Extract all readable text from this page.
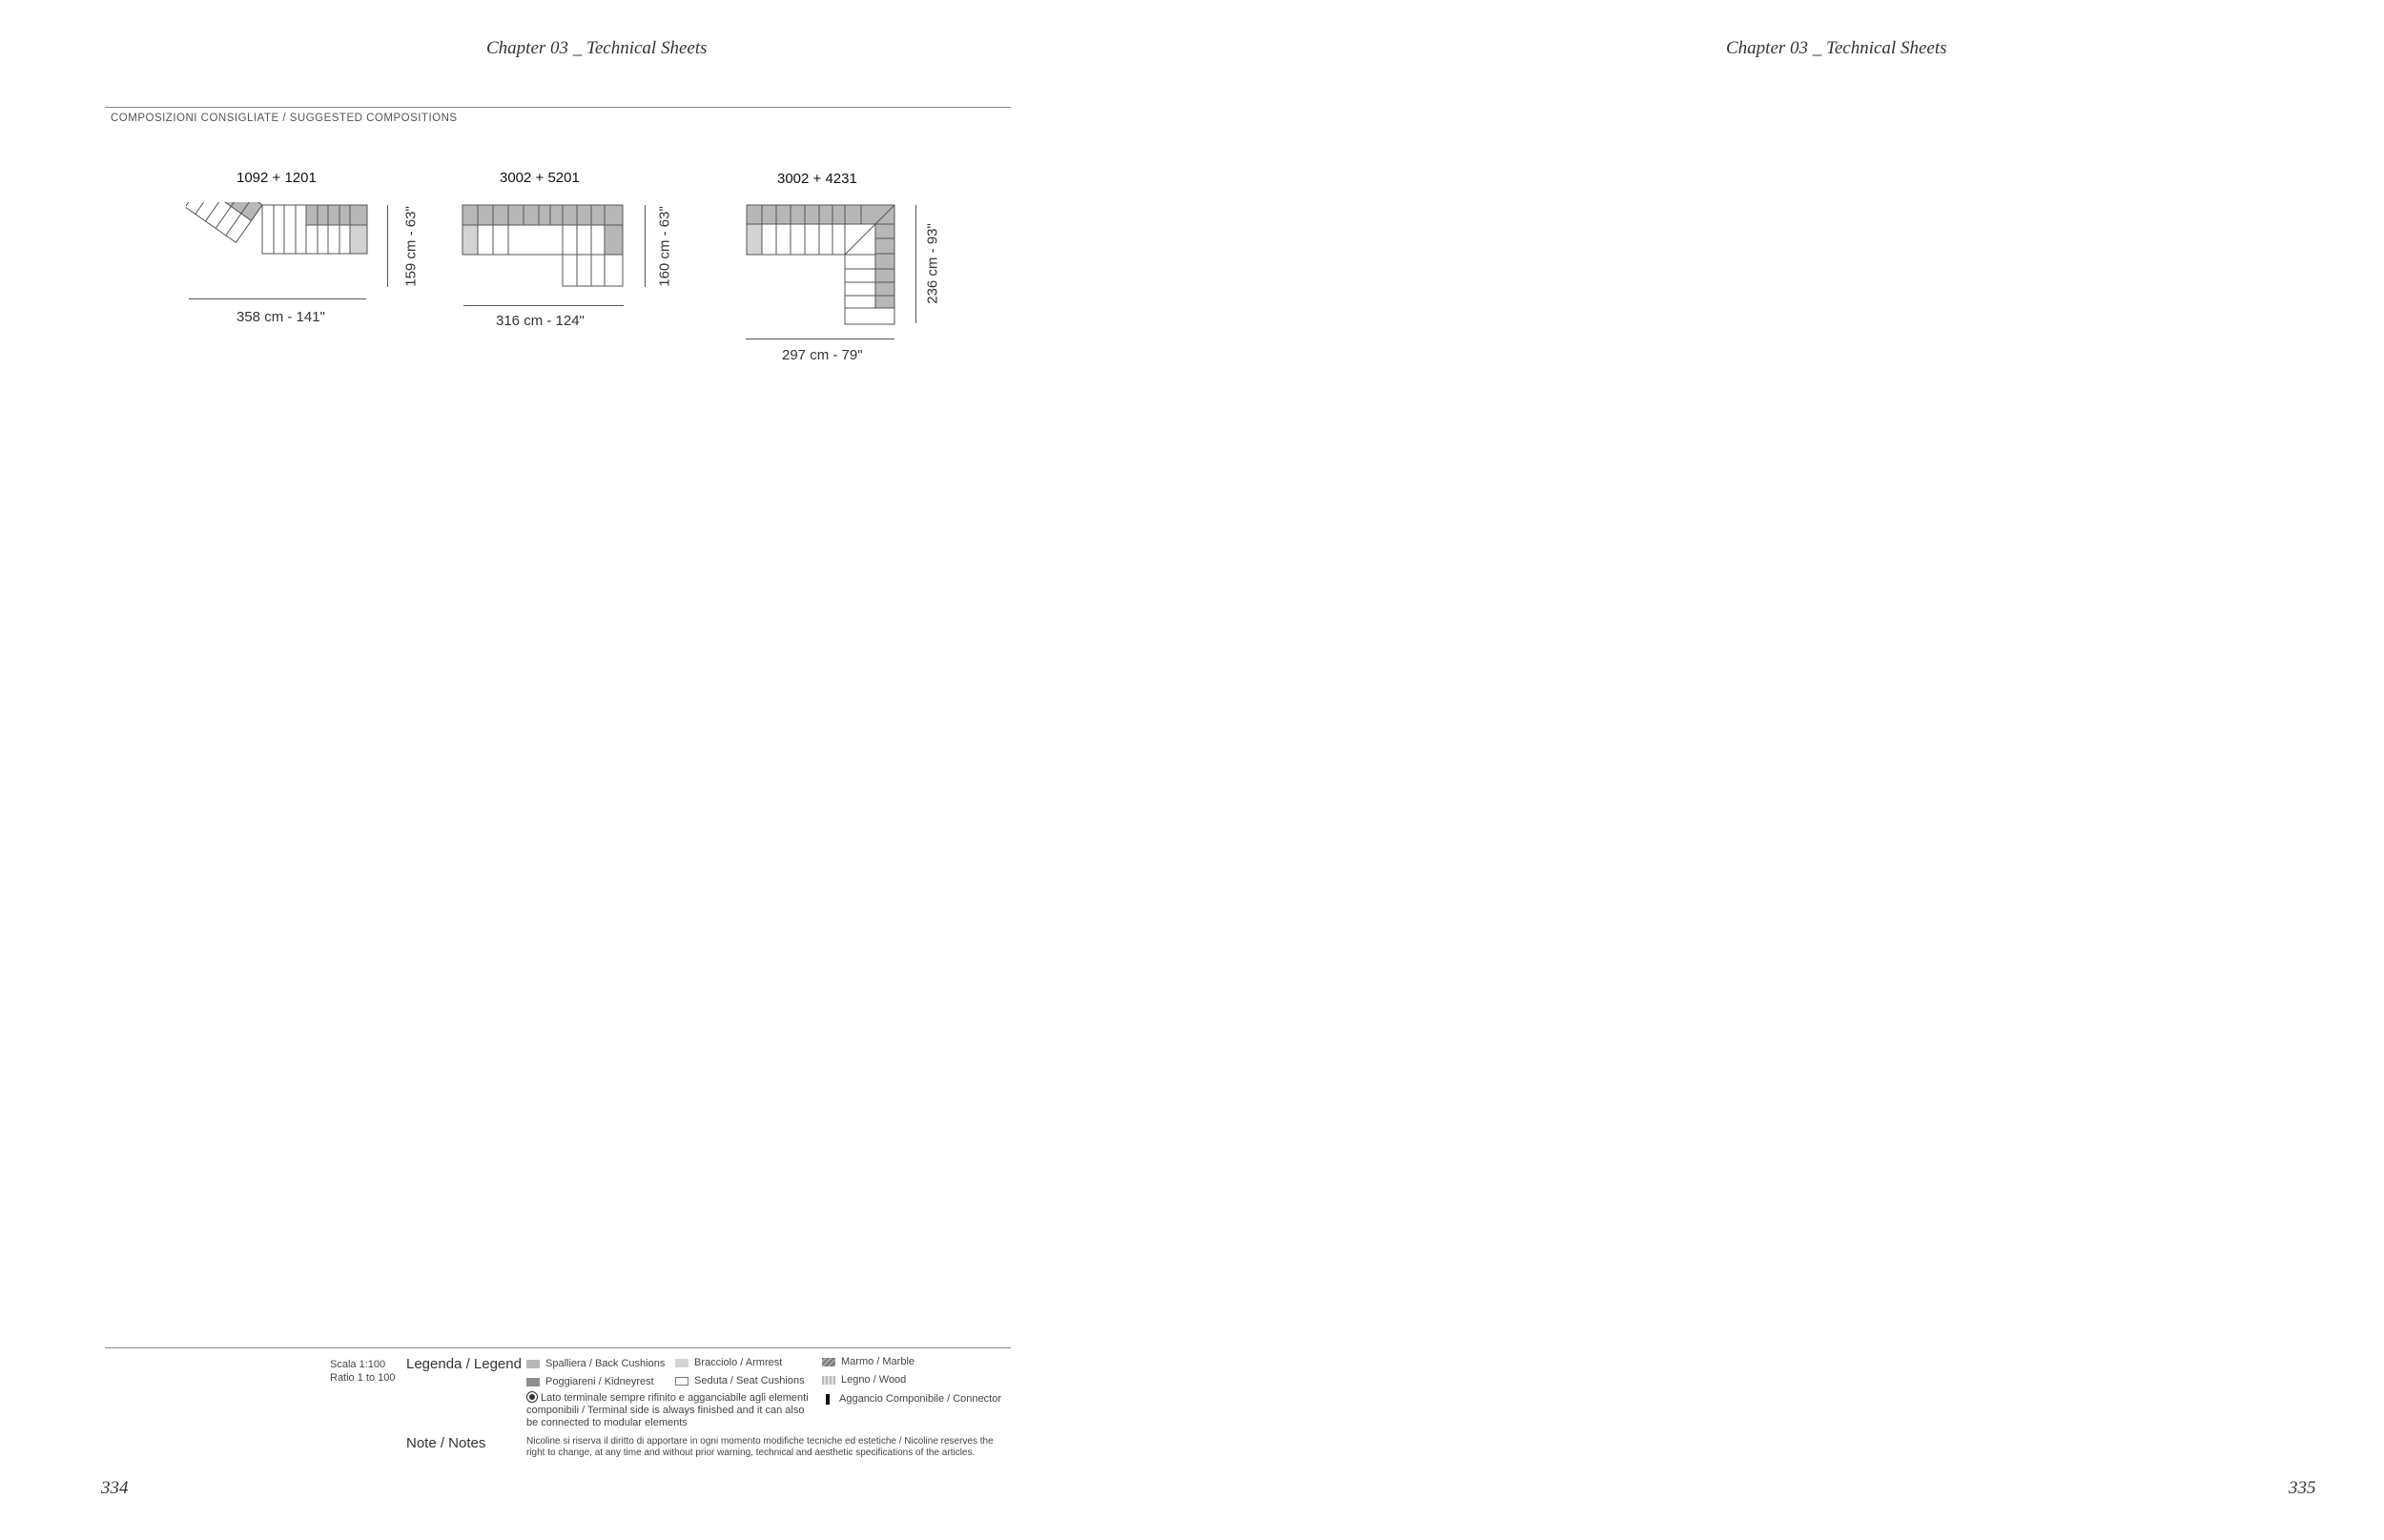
Chapter 03 _ Technical Sheets	Chapter 03 _ Technical Sheets
COMPOSIZIONI CONSIGLIATE / SUGGESTED COMPOSITIONS
1092 + 1201
358 cm - 141"
159 cm - 63"
3002 + 5201
316 cm - 124"
160 cm - 63"
3002 + 4231
297 cm - 79"
236 cm - 93"
Scala 1:100
Ratio 1 to 100
Legenda / Legend Spalliera / Back Cushions
Poggiareni / Kidneyrest
Bracciolo / Armrest
Seduta / Seat Cushions
Marmo / Marble
Legno / Wood
Aggancio Componibile / Connector
Lato terminale sempre rifinito e agganciabile agli elementi componibili / Terminal side is always finished and it can also be connected to modular elements
Note / Notes	Nicoline si riserva il diritto di apportare in ogni momento modifiche tecniche ed estetiche / Nicoline reserves the right to change, at any time and without prior warning, technical and aesthetic specifications of the articles.
334	335
